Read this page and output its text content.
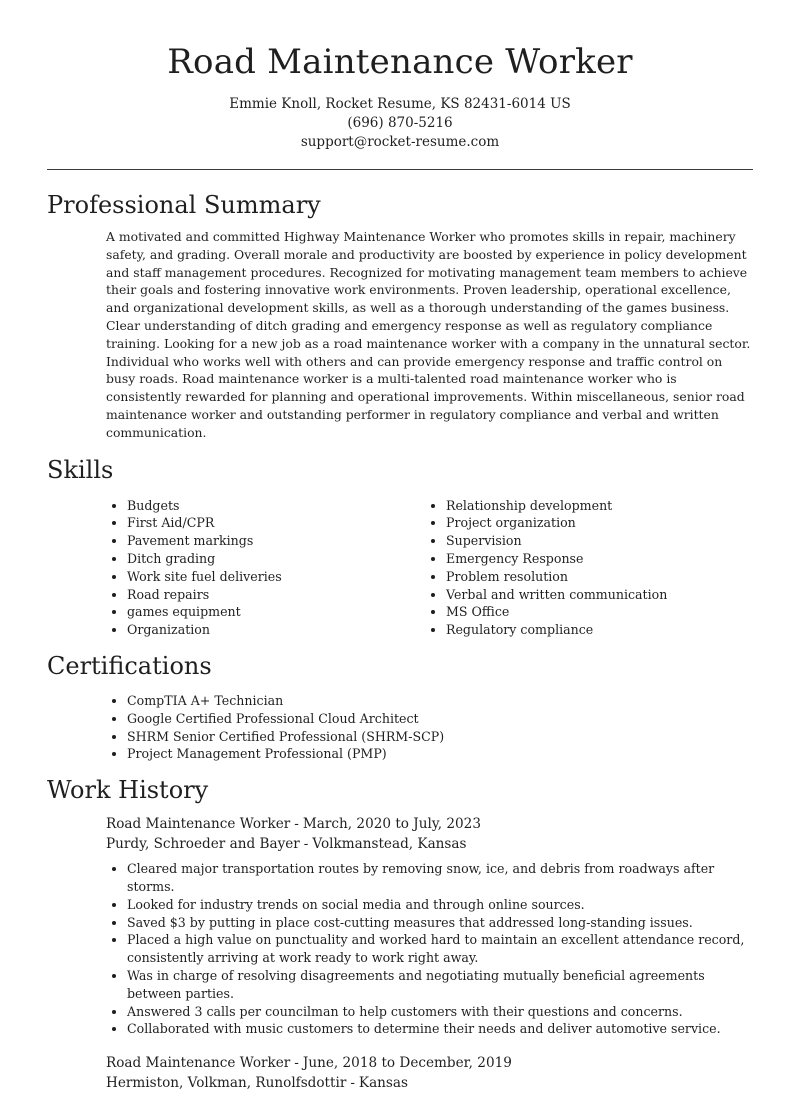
Road Maintenance Worker
Emmie Knoll, Rocket Resume, KS 82431-6014 US
(696) 870-5216
support@rocket-resume.com
Professional Summary

A motivated and committed Highway Maintenance Worker who promotes skills in repair, machinery safety, and grading. Overall morale and productivity are boosted by experience in policy development and staff management procedures. Recognized for motivating management team members to achieve their goals and fostering innovative work environments. Proven leadership, operational excellence, and organizational development skills, as well as a thorough understanding of the games business. Clear understanding of ditch grading and emergency response as well as regulatory compliance training. Looking for a new job as a road maintenance worker with a company in the unnatural sector. Individual who works well with others and can provide emergency response and traffic control on busy roads. Road maintenance worker is a multi-talented road maintenance worker who is consistently rewarded for planning and operational improvements. Within miscellaneous, senior road maintenance worker and outstanding performer in regulatory compliance and verbal and written communication.

Skills
• Budgets
• First Aid/CPR
• Pavement markings
• Ditch grading
• Work site fuel deliveries
• Road repairs
• games equipment
• Organization
• Relationship development
• Project organization
• Supervision
• Emergency Response
• Problem resolution
• Verbal and written communication
• MS Office
• Regulatory compliance
Certifications
• CompTIA A+ Technician
• Google Certified Professional Cloud Architect
• SHRM Senior Certified Professional (SHRM-SCP)
• Project Management Professional (PMP)
Work History
Road Maintenance Worker - March, 2020 to July, 2023
Purdy, Schroeder and Bayer - Volkmanstead, Kansas
• Cleared major transportation routes by removing snow, ice, and debris from roadways after storms.
• Looked for industry trends on social media and through online sources.
• Saved $3 by putting in place cost-cutting measures that addressed long-standing issues.
• Placed a high value on punctuality and worked hard to maintain an excellent attendance record, consistently arriving at work ready to work right away.
• Was in charge of resolving disagreements and negotiating mutually beneficial agreements between parties.
• Answered 3 calls per councilman to help customers with their questions and concerns.
• Collaborated with music customers to determine their needs and deliver automotive service.
Road Maintenance Worker - June, 2018 to December, 2019
Hermiston, Volkman, Runolfsdottir - Kansas
